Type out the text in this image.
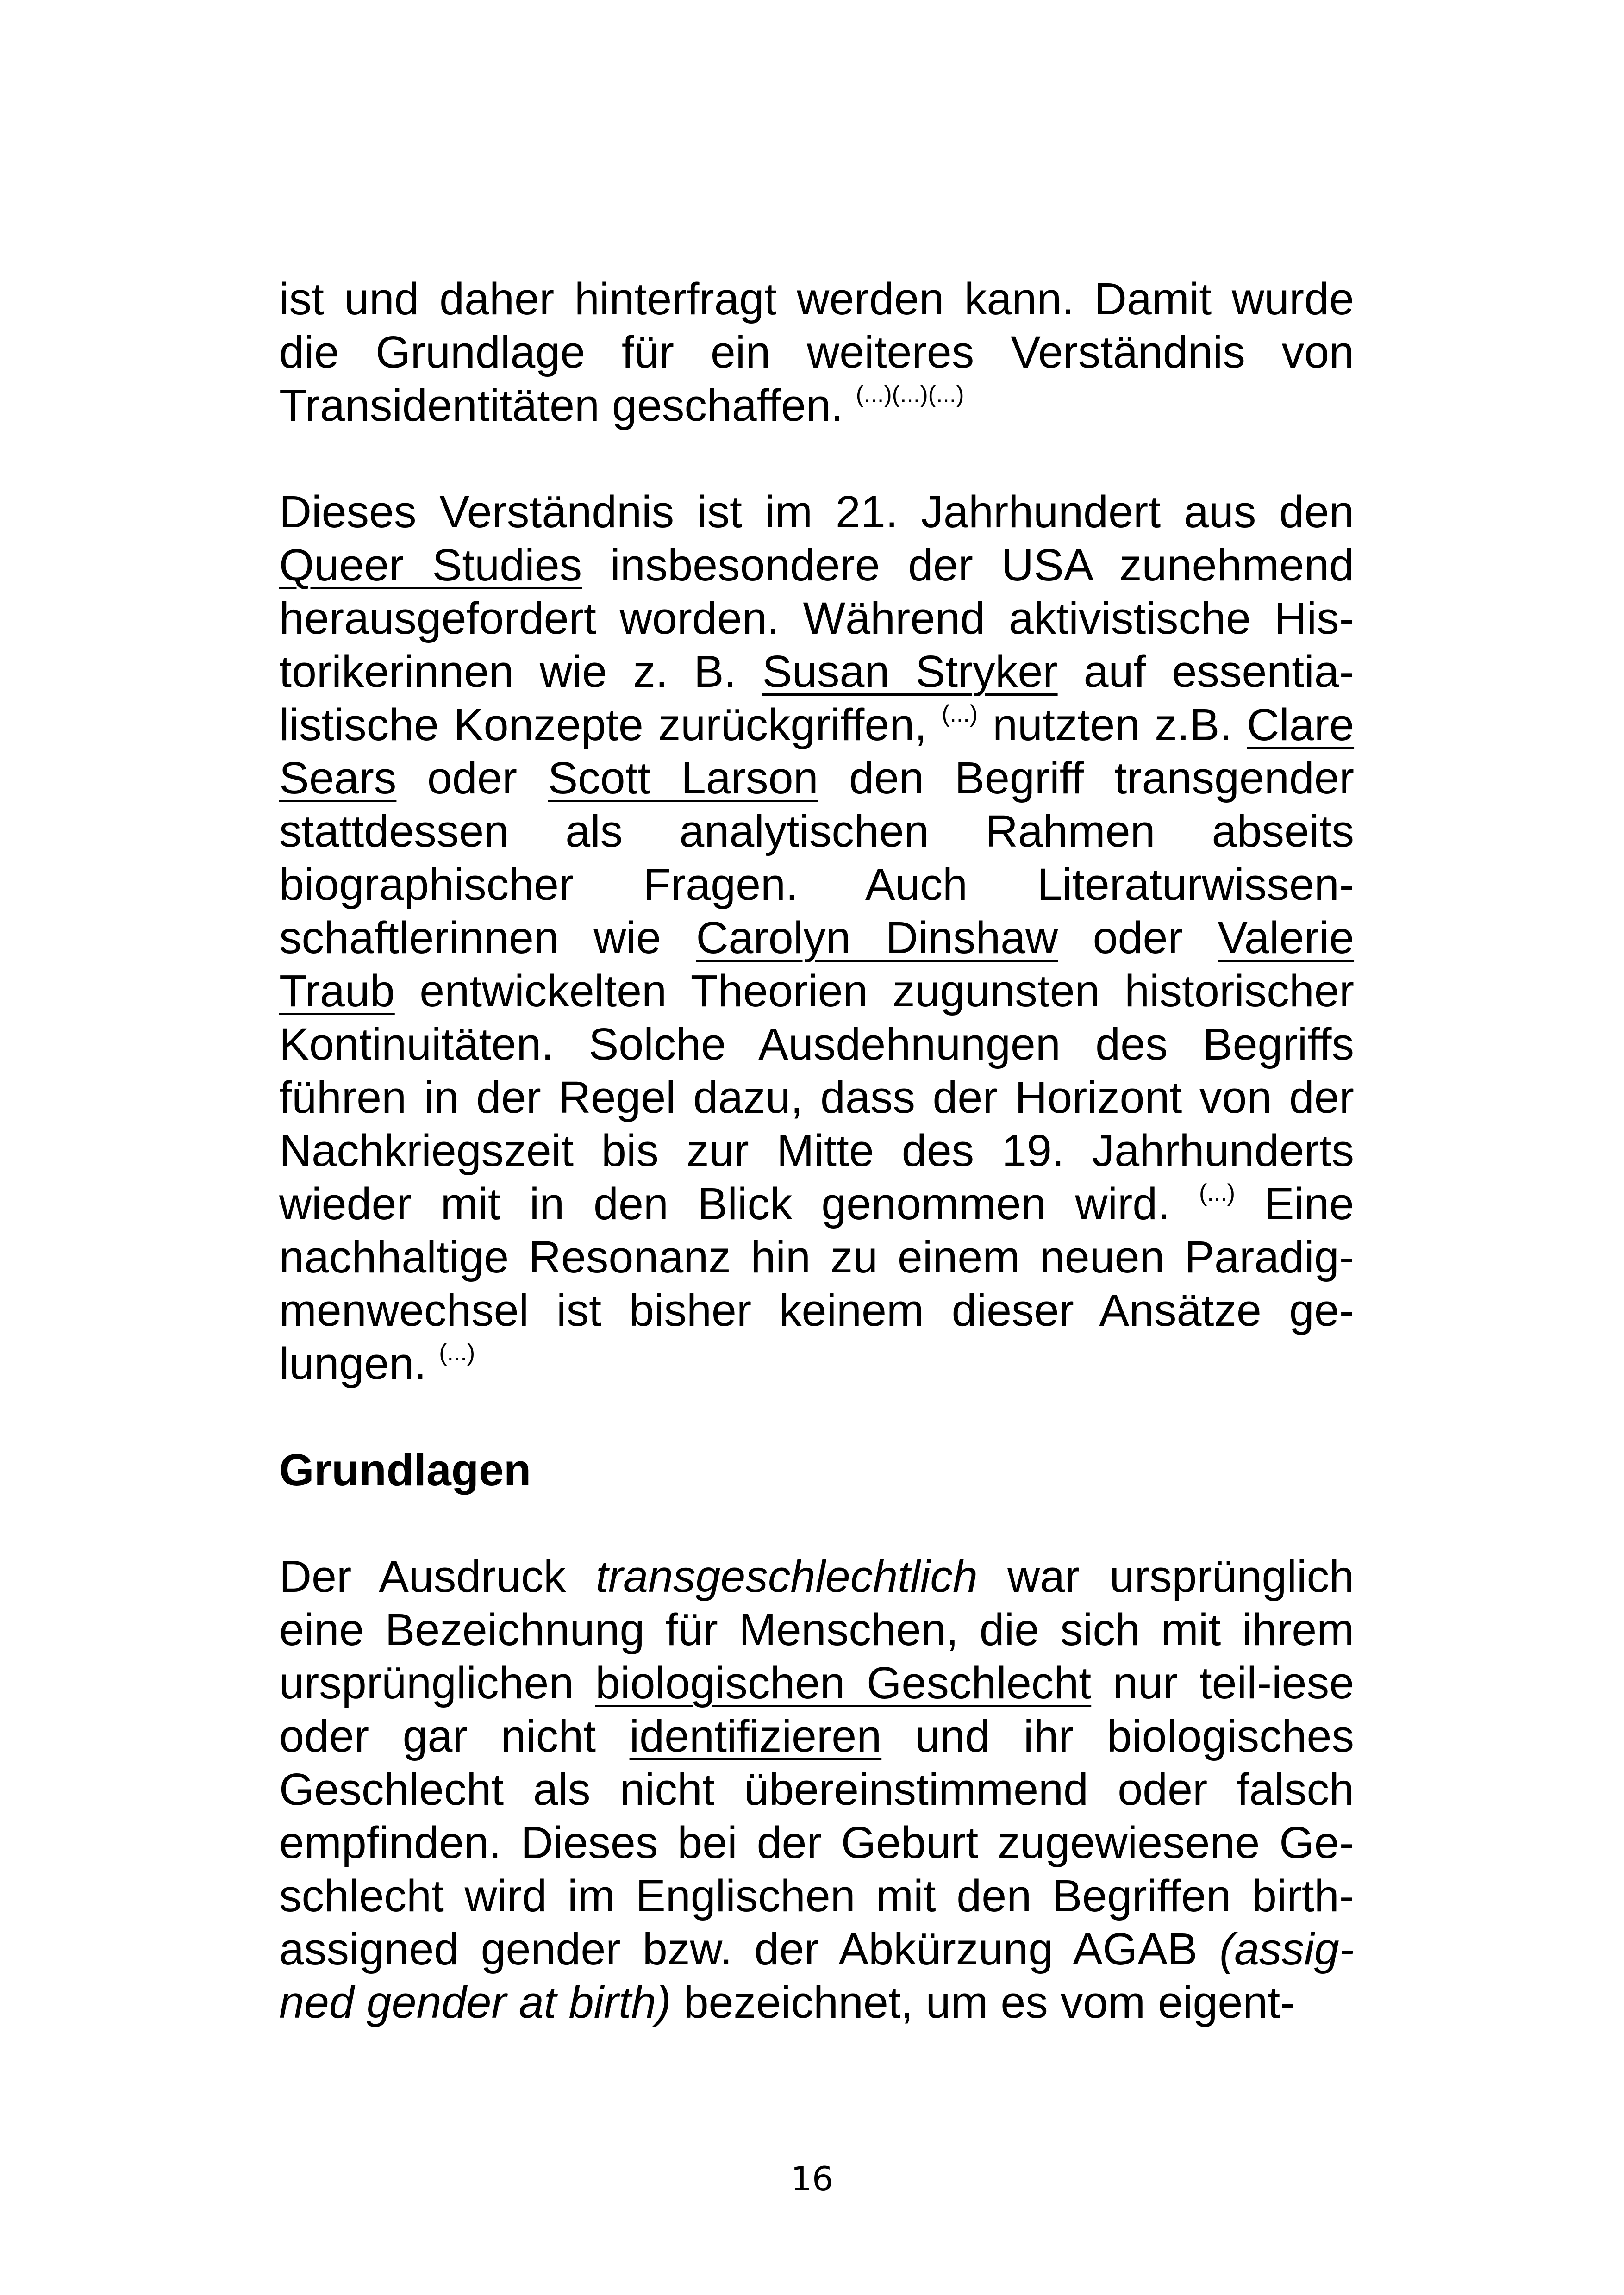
ist und daher hinterfragt werden kann. Damit wurde die Grundlage für ein weiteres Verständnis von Transidentitäten geschaffen. (...)(...)(...)

Dieses Verständnis ist im 21. Jahrhundert aus den Queer Studies insbesondere der USA zunehmend herausgefordert worden. Während aktivistische Historikerinnen wie z. B. Susan Stryker auf essentialistische Konzepte zurückgriffen, (...) nutzten z.B. Clare Sears oder Scott Larson den Begriff transgender stattdessen als analytischen Rahmen abseits biographischer Fragen. Auch Literaturwissenschaftlerinnen wie Carolyn Dinshaw oder Valerie Traub entwickelten Theorien zugunsten historischer Kontinuitäten. Solche Ausdehnungen des Begriffs führen in der Regel dazu, dass der Horizont von der Nachkriegszeit bis zur Mitte des 19. Jahrhunderts wieder mit in den Blick genommen wird. (...) Eine nachhaltige Resonanz hin zu einem neuen Paradigmenwechsel ist bisher keinem dieser Ansätze gelungen. (...)

Grundlagen

Der Ausdruck transgeschlechtlich war ursprünglich eine Bezeichnung für Menschen, die sich mit ihrem ursprünglichen biologischen Geschlecht nur teil-iese oder gar nicht identifizieren und ihr biologisches Geschlecht als nicht übereinstimmend oder falsch empfinden. Dieses bei der Geburt zugewiesene Geschlecht wird im Englischen mit den Begriffen birthassigned gender bzw. der Abkürzung AGAB (assigned gender at birth) bezeichnet, um es vom eigent-

16
